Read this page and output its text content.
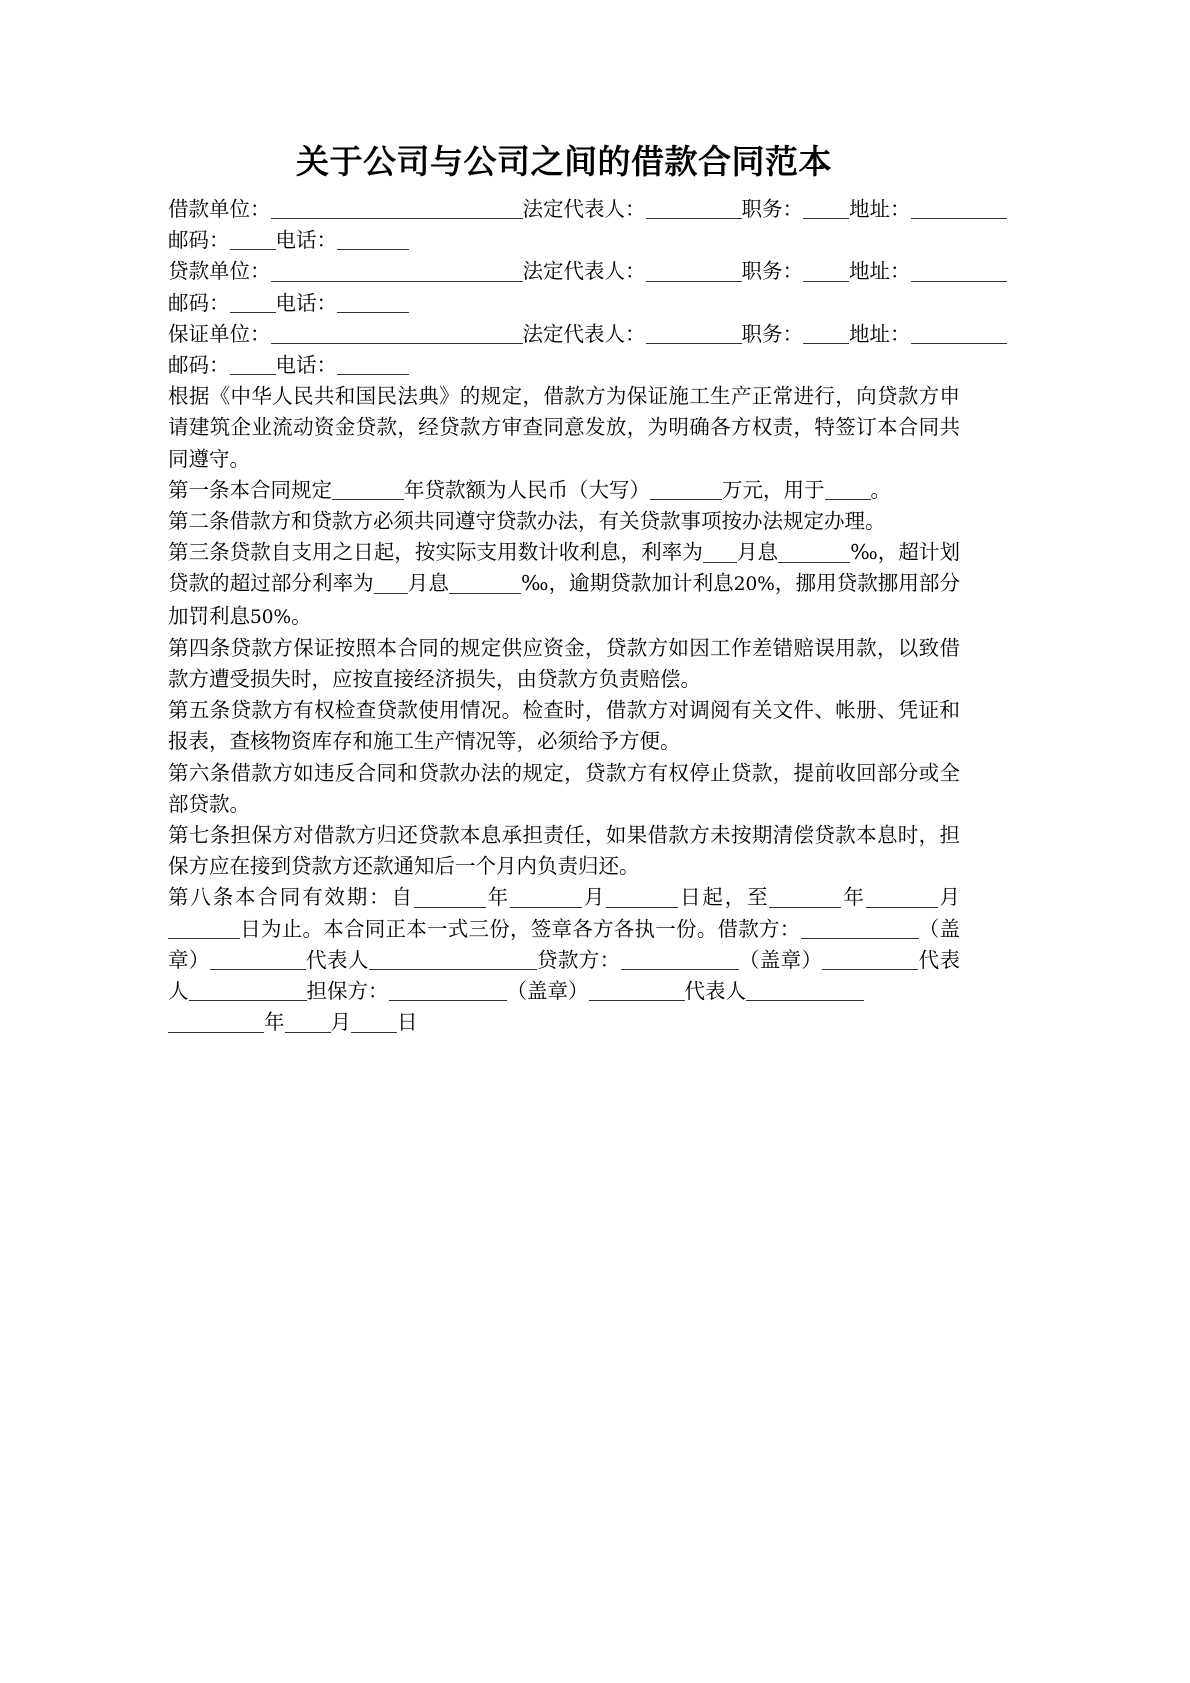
关于公司与公司之间的借款合同范本

借款单位：	法定代表人：	职务： 地址：

邮码： 电话：

贷款单位：	法定代表人：	职务： 地址：

邮码： 电话：

保证单位：	法定代表人：	职务： 地址：

邮码： 电话：

根据《中华人民共和国民法典》的规定，借款方为保证施工生产正常进行，向贷款方申请建筑企业流动资金贷款，经贷款方审查同意发放，为明确各方权责，特签订本合同共同遵守。

第一条本合同规定	年贷款额为人民币（大写）	万元，用于 。

第二条借款方和贷款方必须共同遵守贷款办法，有关贷款事项按办法规定办理。

第三条贷款自支用之日起，按实际支用数计收利息，利率为 月息	‰，超计划贷款的超过部分利率为 月息	‰，逾期贷款加计利息20%，挪用贷款挪用部分加罚利息50%。

第四条贷款方保证按照本合同的规定供应资金，贷款方如因工作差错赔误用款，以致借款方遭受损失时，应按直接经济损失，由贷款方负责赔偿。

第五条贷款方有权检查贷款使用情况。检查时，借款方对调阅有关文件、帐册、凭证和报表，查核物资库存和施工生产情况等，必须给予方便。

第六条借款方如违反合同和贷款办法的规定，贷款方有权停止贷款，提前收回部分或全部贷款。

第七条担保方对借款方归还贷款本息承担责任，如果借款方未按期清偿贷款本息时，担保方应在接到贷款方还款通知后一个月内负责归还。

第八条本合同有效期：自	年	月	日起，至	年	月日为止。本合同正本一式三份，签章各方各执一份。借款方：	（盖章）	代表人	贷款方：	（盖章）	代表人	担保方：	（盖章）	代表人

年 月 日
